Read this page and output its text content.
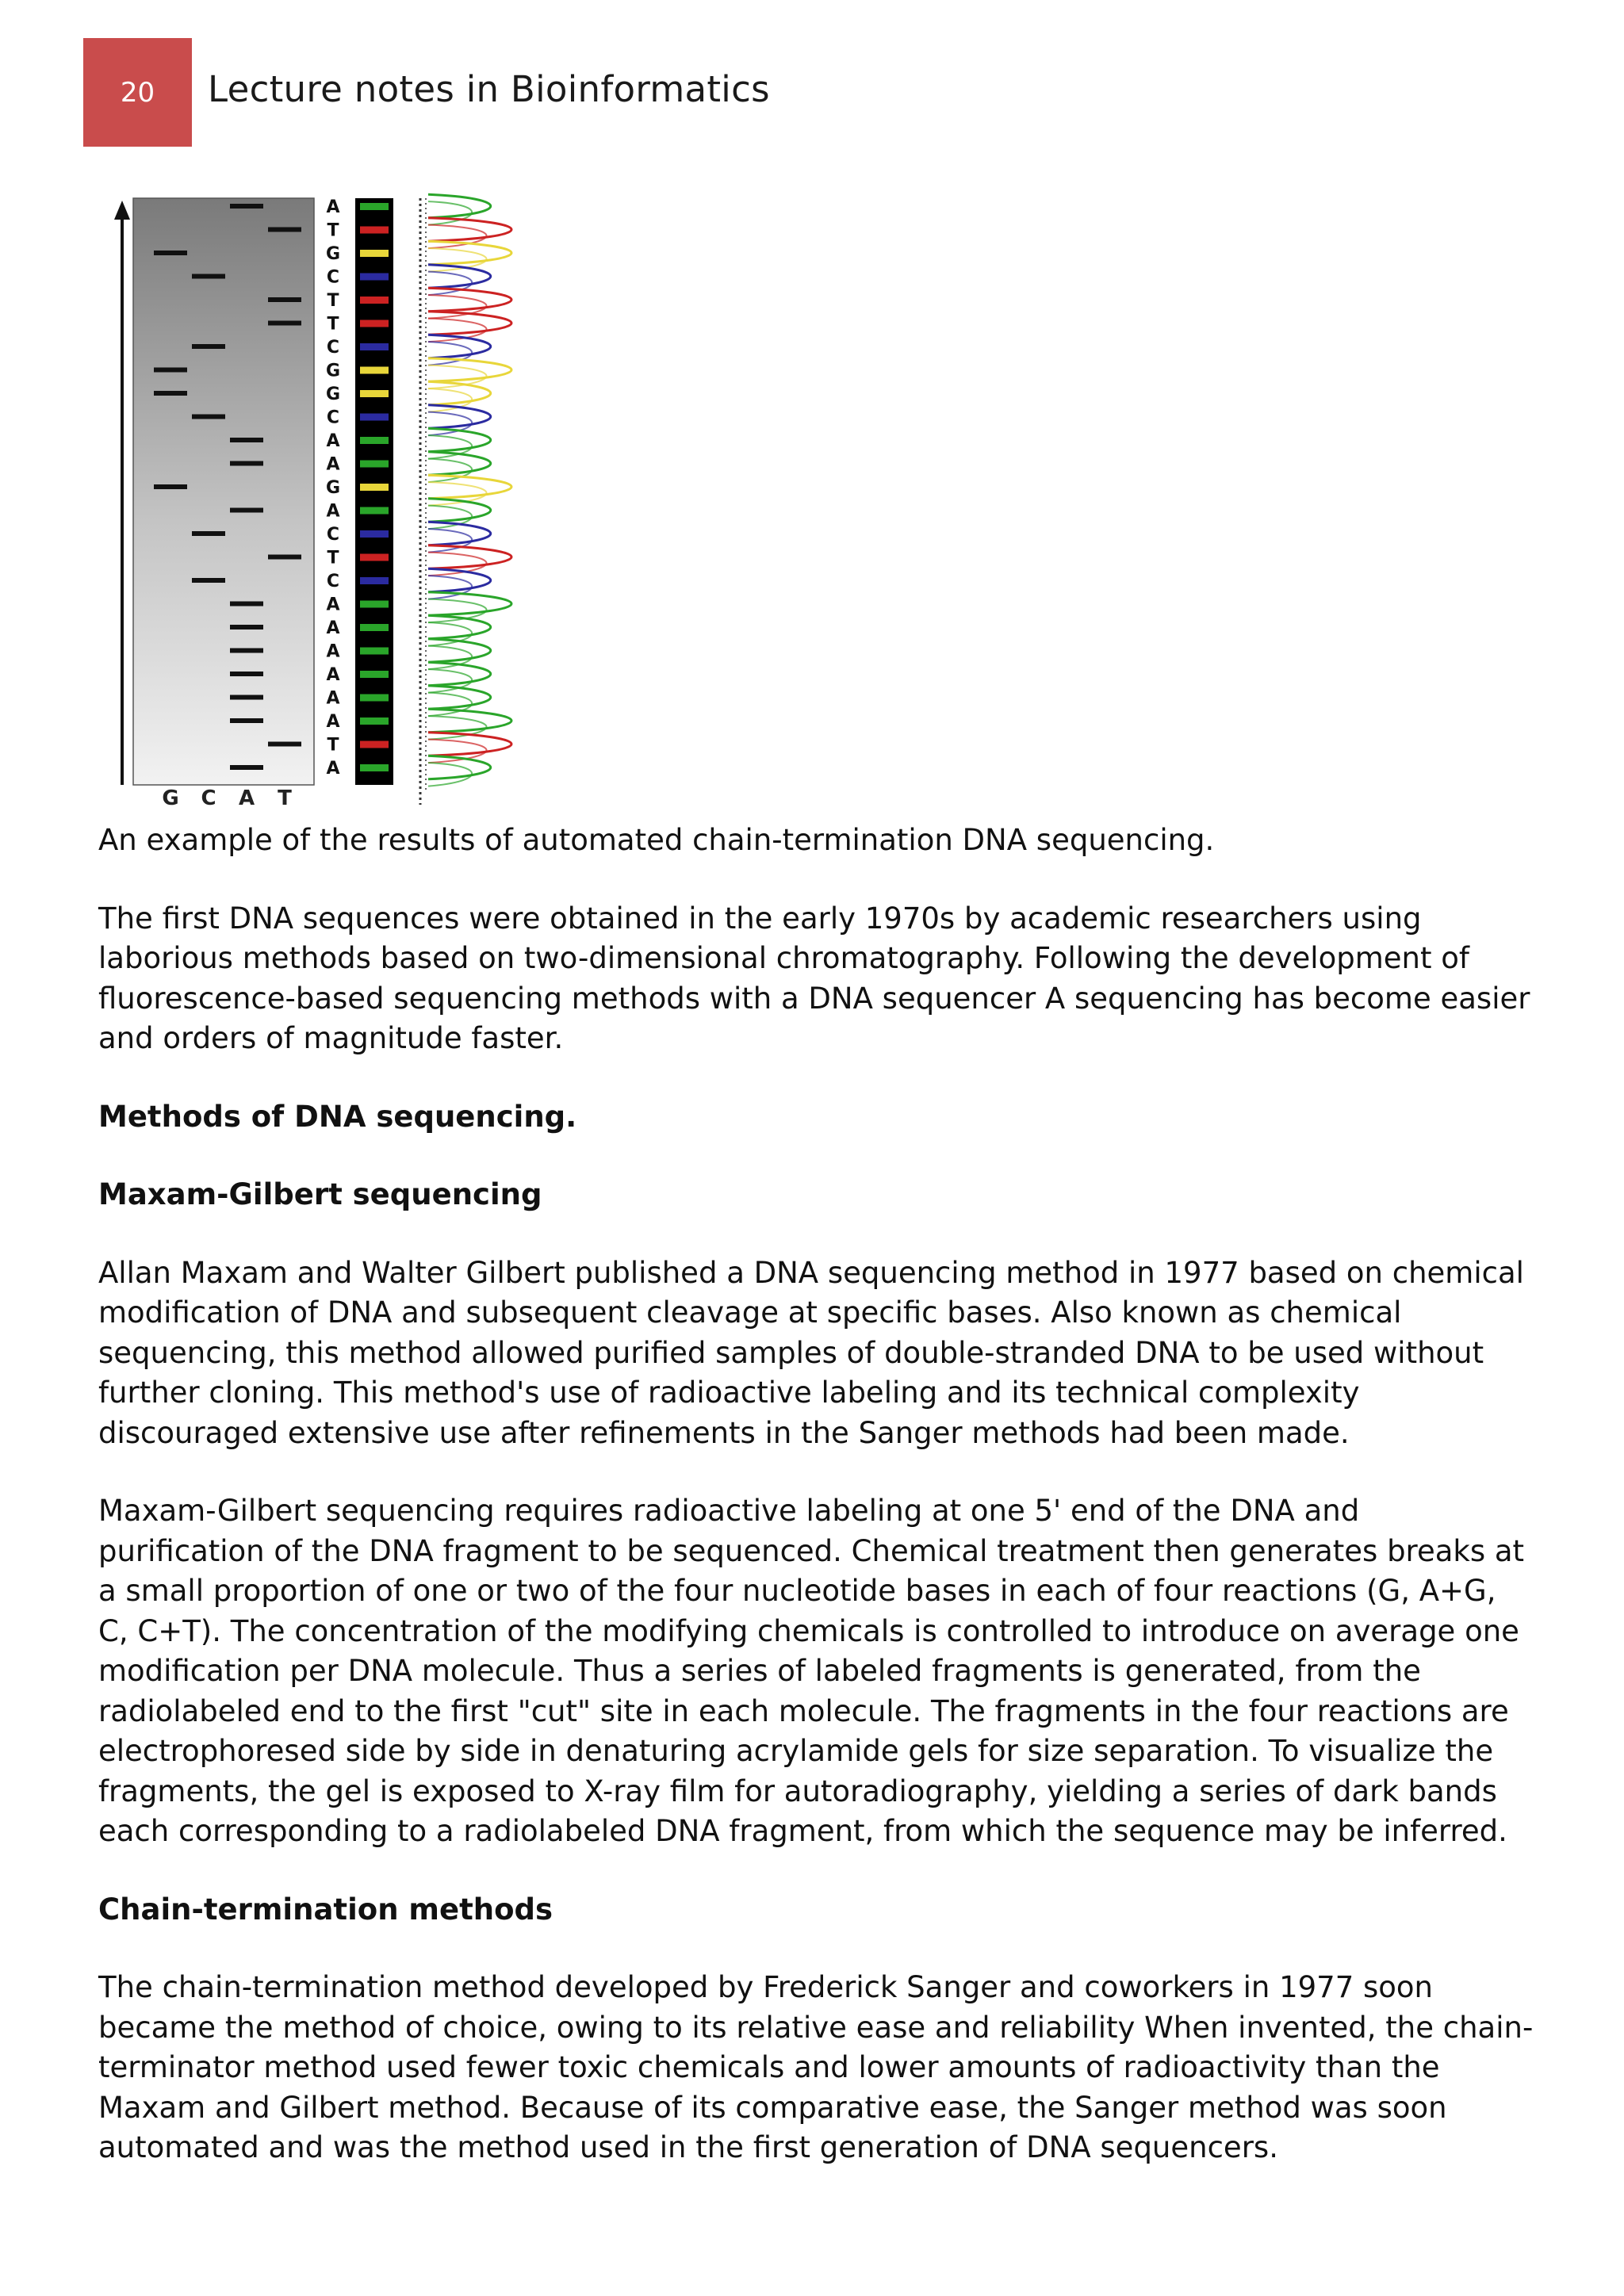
20 Lecture notes in Bioinformatics
G C A T
A
T
G
C
T
T
C
G
G
C
A
A
G
A
C
T
C
A
A
A
A
A
A
T
A

An example of the results of automated chain-termination DNA sequencing.

The first DNA sequences were obtained in the early 1970s by academic researchers using laborious methods based on two-dimensional chromatography. Following the development of fluorescence-based sequencing methods with a DNA sequencer A sequencing has become easier and orders of magnitude faster.

Methods of DNA sequencing.

Maxam-Gilbert sequencing

Allan Maxam and Walter Gilbert published a DNA sequencing method in 1977 based on chemical modification of DNA and subsequent cleavage at specific bases. Also known as chemical sequencing, this method allowed purified samples of double-stranded DNA to be used without further cloning. This method's use of radioactive labeling and its technical complexity discouraged extensive use after refinements in the Sanger methods had been made.

Maxam-Gilbert sequencing requires radioactive labeling at one 5' end of the DNA and purification of the DNA fragment to be sequenced. Chemical treatment then generates breaks at a small proportion of one or two of the four nucleotide bases in each of four reactions (G, A+G, C, C+T). The concentration of the modifying chemicals is controlled to introduce on average one modification per DNA molecule. Thus a series of labeled fragments is generated, from the radiolabeled end to the first "cut" site in each molecule. The fragments in the four reactions are electrophoresed side by side in denaturing acrylamide gels for size separation. To visualize the fragments, the gel is exposed to X-ray film for autoradiography, yielding a series of dark bands each corresponding to a radiolabeled DNA fragment, from which the sequence may be inferred.

Chain-termination methods

The chain-termination method developed by Frederick Sanger and coworkers in 1977 soon became the method of choice, owing to its relative ease and reliability When invented, the chain-terminator method used fewer toxic chemicals and lower amounts of radioactivity than the Maxam and Gilbert method. Because of its comparative ease, the Sanger method was soon automated and was the method used in the first generation of DNA sequencers.
